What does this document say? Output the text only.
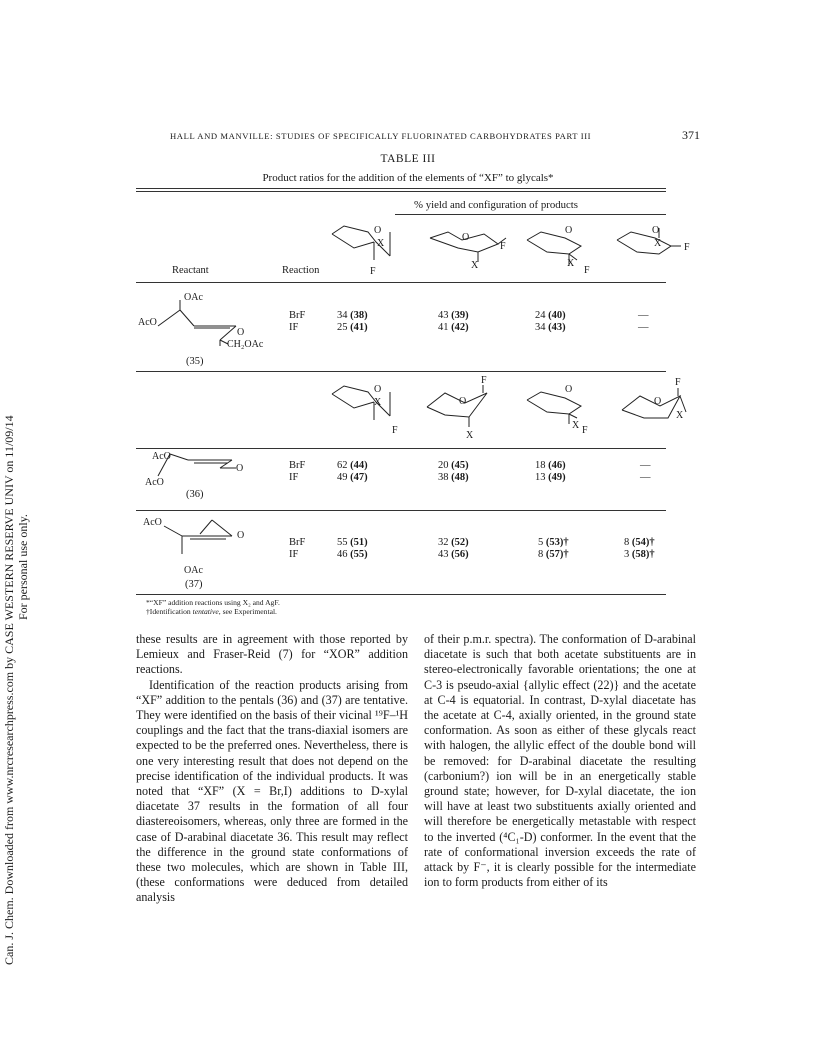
Can. J. Chem. Downloaded from www.nrcresearchpress.com by CASE WESTERN RESERVE UNIV on 11/09/14 For personal use only.
HALL AND MANVILLE: STUDIES OF SPECIFICALLY FLUORINATED CARBOHYDRATES PART III	371
TABLE III
Product ratios for the addition of the elements of “XF” to glycals*
% yield and configuration of products
Reactant	Reaction
O
X
F
O
F
X
O
X
F
O
X F
OAc
AcO
O
CH₂OAc
(35)
BrF
IF
34 (38)
25 (41)
43 (39)
41 (42)
24 (40)
34 (43)
—
—
O
X
F
F
O
X
O
X F
F
O
X
AcO
O
AcO
(36)
BrF
IF
62 (44)
49 (47)
20 (45)
38 (48)
18 (46)
13 (49)
—
—
AcO
O
OAc
(37)
BrF
IF
55 (51)
46 (55)
32 (52)
43 (56)
5 (53)†
8 (57)†
8 (54)†
3 (58)†
*“XF” addition reactions using X₂ and AgF.
†Identification tentative, see Experimental.

these results are in agreement with those reported by Lemieux and Fraser-Reid (7) for “XOR” addition reactions.

Identification of the reaction products arising from “XF” addition to the pentals (36) and (37) are tentative. They were identified on the basis of their vicinal ¹⁹F–¹H couplings and the fact that the trans-diaxial isomers are expected to be the preferred ones. Nevertheless, there is one very interesting result that does not depend on the precise identification of the individual products. It was noted that “XF” (X = Br,I) additions to D-xylal diacetate 37 results in the formation of all four diastereoisomers, whereas, only three are formed in the case of D-arabinal diacetate 36. This result may reflect the difference in the ground state conformations of these two molecules, which are shown in Table III, (these conformations were deduced from detailed analysis

of their p.m.r. spectra). The conformation of D-arabinal diacetate is such that both acetate substituents are in stereo-electronically favorable orientations; the one at C-3 is pseudo-axial {allylic effect (22)} and the acetate at C-4 is equatorial. In contrast, D-xylal diacetate has the acetate at C-4, axially oriented, in the ground state conformation. As soon as either of these glycals react with halogen, the allylic effect of the double bond will be removed: for D-arabinal diacetate the resulting (carbonium?) ion will be in an energetically stable ground state; however, for D-xylal diacetate, the ion will have at least two substituents axially oriented and will therefore be energetically metastable with respect to the inverted (⁴C₁-D) conformer. In the event that the rate of conformational inversion exceeds the rate of attack by F⁻, it is clearly possible for the intermediate ion to form products from either of its
